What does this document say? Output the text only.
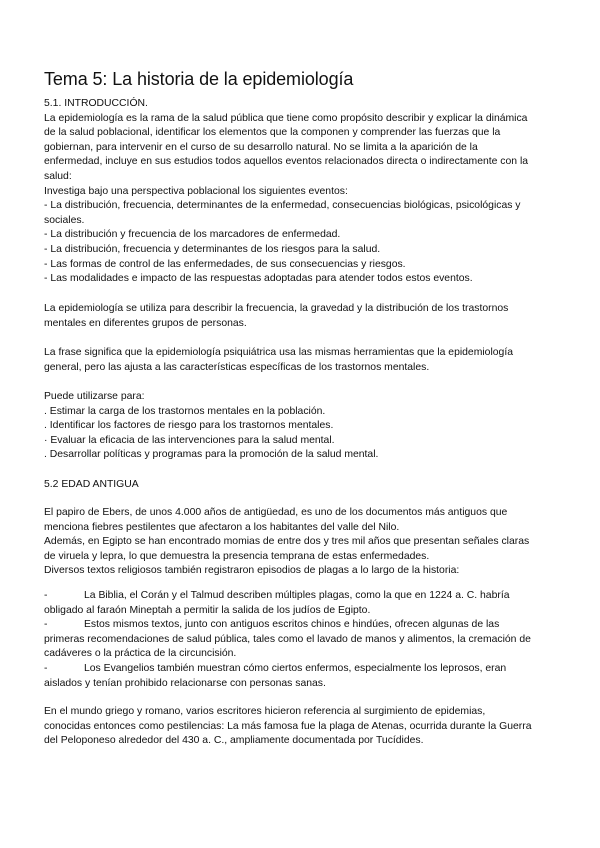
Tema 5: La historia de la epidemiología
5.1. INTRODUCCIÓN.
La epidemiología es la rama de la salud pública que tiene como propósito describir y explicar la dinámica
de la salud poblacional, identificar los elementos que la componen y comprender las fuerzas que la
gobiernan, para intervenir en el curso de su desarrollo natural. No se limita a la aparición de la
enfermedad, incluye en sus estudios todos aquellos eventos relacionados directa o indirectamente con la
salud:
Investiga bajo una perspectiva poblacional los siguientes eventos:
- La distribución, frecuencia, determinantes de la enfermedad, consecuencias biológicas, psicológicas y
sociales.
- La distribución y frecuencia de los marcadores de enfermedad.
- La distribución, frecuencia y determinantes de los riesgos para la salud.
- Las formas de control de las enfermedades, de sus consecuencias y riesgos.
- Las modalidades e impacto de las respuestas adoptadas para atender todos estos eventos.
La epidemiología se utiliza para describir la frecuencia, la gravedad y la distribución de los trastornos
mentales en diferentes grupos de personas.
La frase significa que la epidemiología psiquiátrica usa las mismas herramientas que la epidemiología
general, pero las ajusta a las características específicas de los trastornos mentales.
Puede utilizarse para:
. Estimar la carga de los trastornos mentales en la población.
. Identificar los factores de riesgo para los trastornos mentales.
· Evaluar la eficacia de las intervenciones para la salud mental.
. Desarrollar políticas y programas para la promoción de la salud mental.
5.2 EDAD ANTIGUA
El papiro de Ebers, de unos 4.000 años de antigüedad, es uno de los documentos más antiguos que
menciona fiebres pestilentes que afectaron a los habitantes del valle del Nilo.
Además, en Egipto se han encontrado momias de entre dos y tres mil años que presentan señales claras
de viruela y lepra, lo que demuestra la presencia temprana de estas enfermedades.
Diversos textos religiosos también registraron episodios de plagas a lo largo de la historia:
-	La Biblia, el Corán y el Talmud describen múltiples plagas, como la que en 1224 a. C. habría
obligado al faraón Mineptah a permitir la salida de los judíos de Egipto.
-	Estos mismos textos, junto con antiguos escritos chinos e hindúes, ofrecen algunas de las
primeras recomendaciones de salud pública, tales como el lavado de manos y alimentos, la cremación de
cadáveres o la práctica de la circuncisión.
-	Los Evangelios también muestran cómo ciertos enfermos, especialmente los leprosos, eran
aislados y tenían prohibido relacionarse con personas sanas.
En el mundo griego y romano, varios escritores hicieron referencia al surgimiento de epidemias,
conocidas entonces como pestilencias: La más famosa fue la plaga de Atenas, ocurrida durante la Guerra
del Peloponeso alrededor del 430 a. C., ampliamente documentada por Tucídides.
